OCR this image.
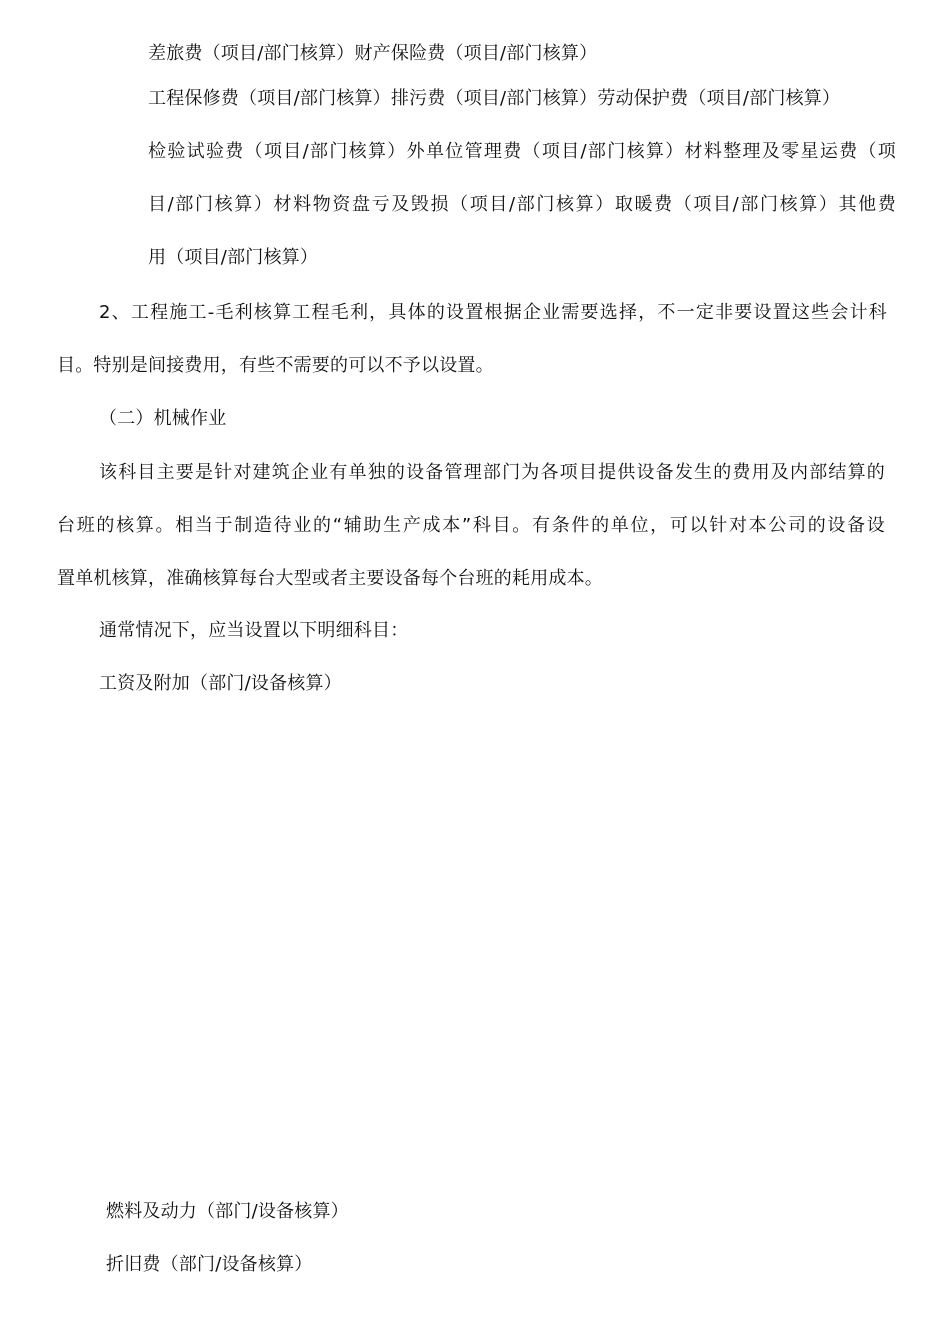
差旅费（项目/部门核算）财产保险费（项目/部门核算）
工程保修费（项目/部门核算）排污费（项目/部门核算）劳动保护费（项目/部门核算）
检验试验费（项目/部门核算）外单位管理费（项目/部门核算）材料整理及零星运费（项
目/部门核算）材料物资盘亏及毁损（项目/部门核算）取暖费（项目/部门核算）其他费
用（项目/部门核算）
2、工程施工-毛利核算工程毛利，具体的设置根据企业需要选择，不一定非要设置这些会计科
目。特别是间接费用，有些不需要的可以不予以设置。
（二）机械作业
该科目主要是针对建筑企业有单独的设备管理部门为各项目提供设备发生的费用及内部结算的
台班的核算。相当于制造待业的“辅助生产成本”科目。有条件的单位，可以针对本公司的设备设
置单机核算，准确核算每台大型或者主要设备每个台班的耗用成本。
通常情况下，应当设置以下明细科目：
工资及附加（部门/设备核算）
燃料及动力（部门/设备核算）
折旧费（部门/设备核算）
